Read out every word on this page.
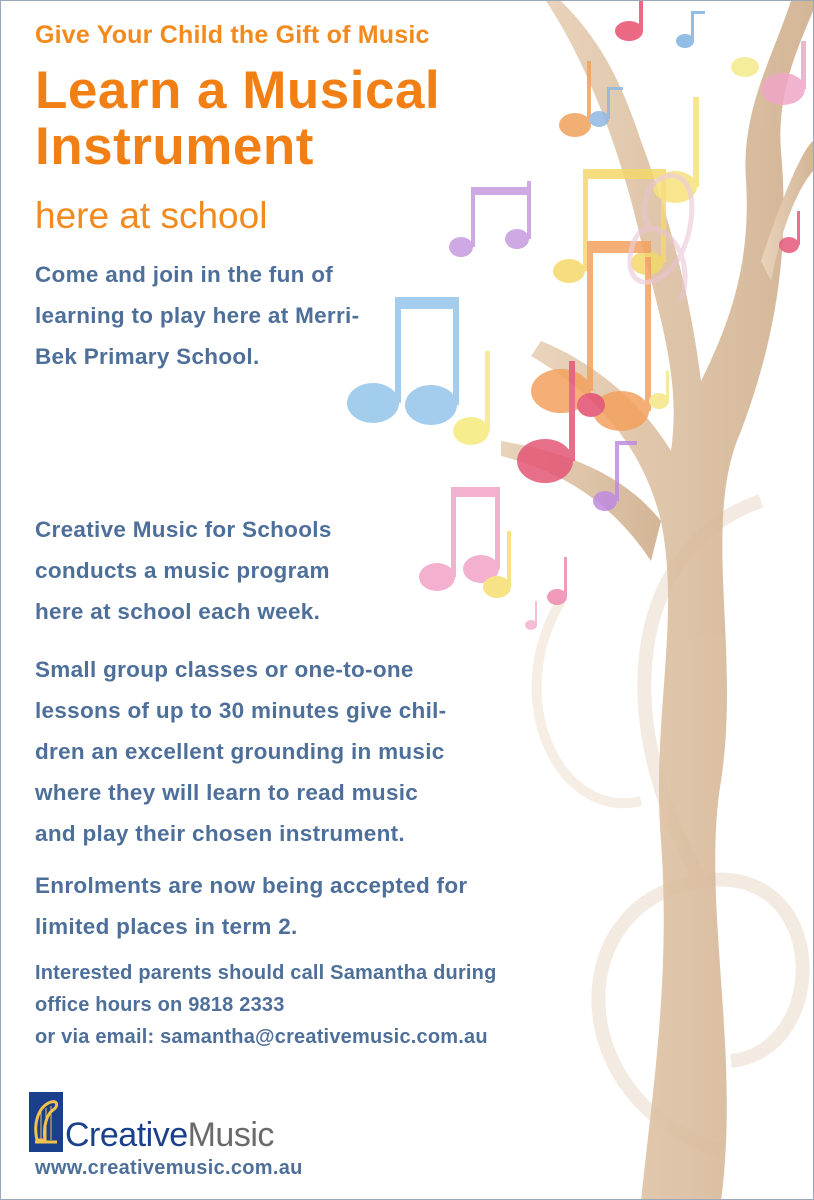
Give Your Child the Gift of Music
Learn a Musical
Instrument
here at school
Come and join in the fun of
learning to play here at Merri-
Bek Primary School.
Creative Music for Schools
conducts a music program
here at school each week.
Small group classes or one-to-one
lessons of up to 30 minutes give chil-
dren an excellent grounding in music
where they will learn to read music
and play their chosen instrument.
Enrolments are now being accepted for
limited places in term 2.
Interested parents should call Samantha during
office hours on 9818 2333
or via email: samantha@creativemusic.com.au
CreativeMusic
www.creativemusic.com.au
